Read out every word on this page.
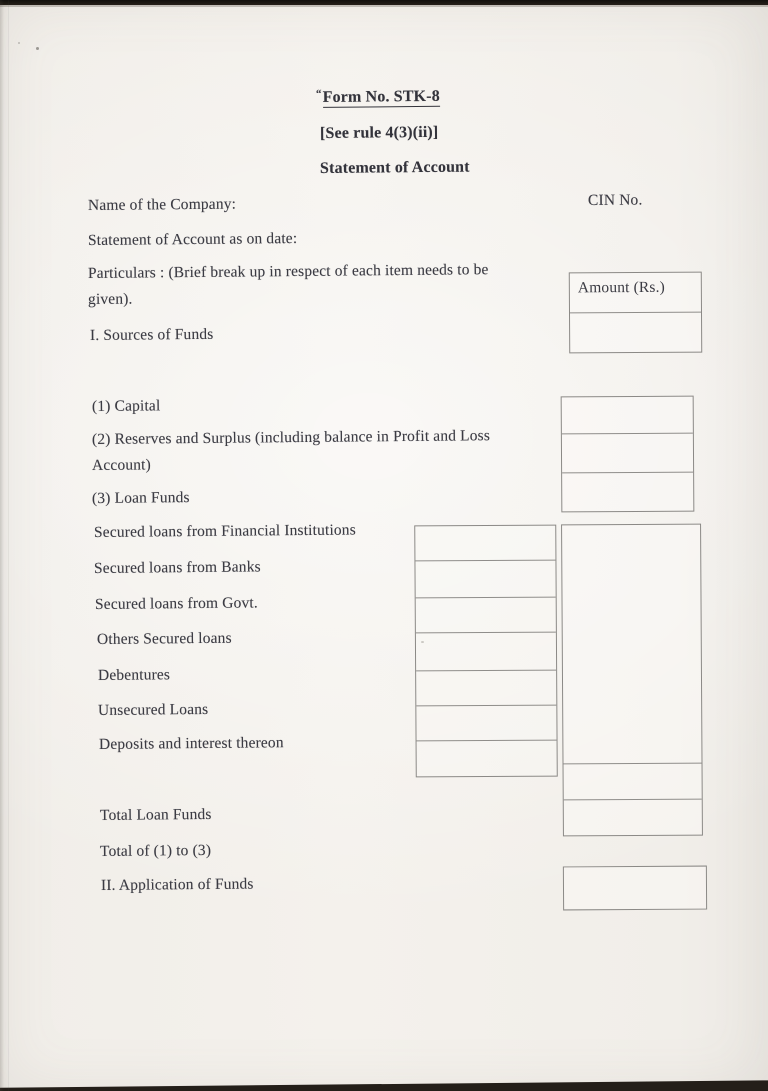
“Form No. STK-8
[See rule 4(3)(ii)]
Statement of Account
CIN No.
Name of the Company:
Statement of Account as on date:
Particulars : (Brief break up in respect of each item needs to be
given).
Amount (Rs.)
I. Sources of Funds
(1) Capital
(2) Reserves and Surplus (including balance in Profit and Loss
Account)
(3) Loan Funds
Secured loans from Financial Institutions
Secured loans from Banks
Secured loans from Govt.
Others Secured loans
Debentures
Unsecured Loans
Deposits and interest thereon
Total Loan Funds
Total of (1) to (3)
II. Application of Funds
